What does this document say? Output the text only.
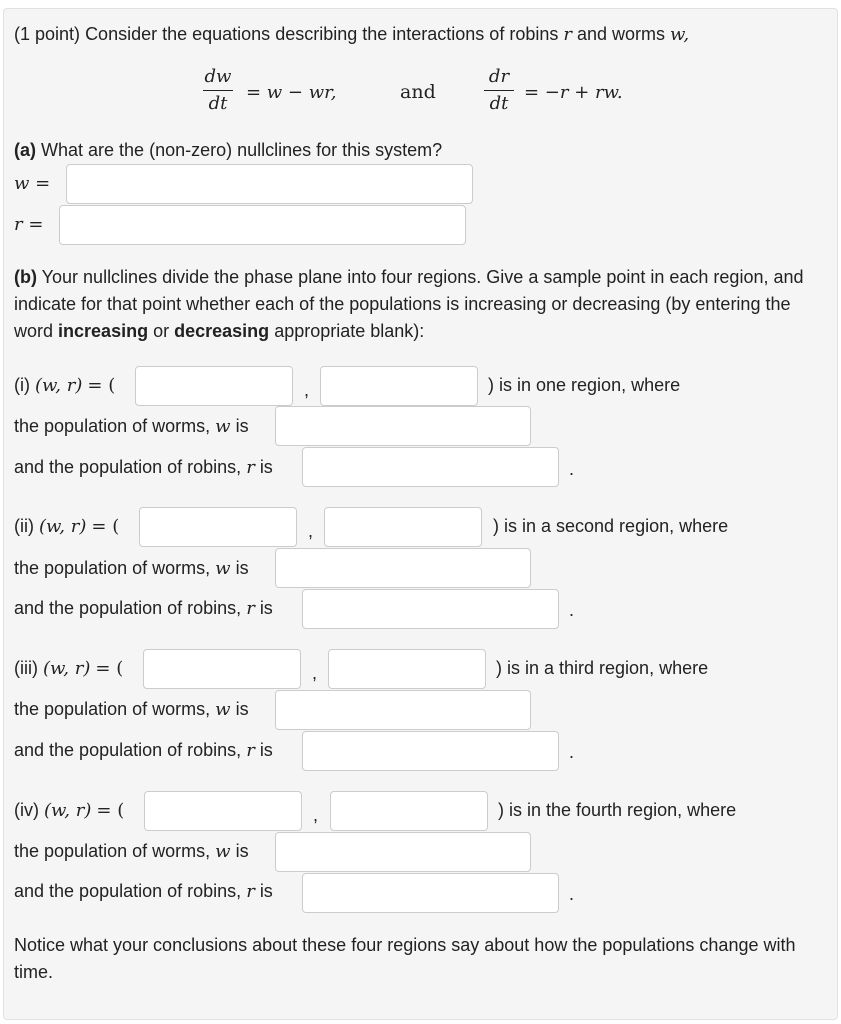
(1 point) Consider the equations describing the interactions of robins r and worms w,
dw
dt
= w − wr,	and
dr
dt
= −r + rw.
(a) What are the (non-zero) nullclines for this system?
w =
r =
(b) Your nullclines divide the phase plane into four regions. Give a sample point in each region, and indicate for that point whether each of the populations is increasing or decreasing (by entering the word increasing or decreasing appropriate blank):
(i) (w, r) = (	,	) is in one region, where
the population of worms, w is
and the population of robins, r is	.
(ii) (w, r) = (	,	) is in a second region, where
the population of worms, w is
and the population of robins, r is	.
(iii) (w, r) = (	,	) is in a third region, where
the population of worms, w is
and the population of robins, r is	.
(iv) (w, r) = (	,	) is in the fourth region, where
the population of worms, w is
and the population of robins, r is	.
Notice what your conclusions about these four regions say about how the populations change with time.
